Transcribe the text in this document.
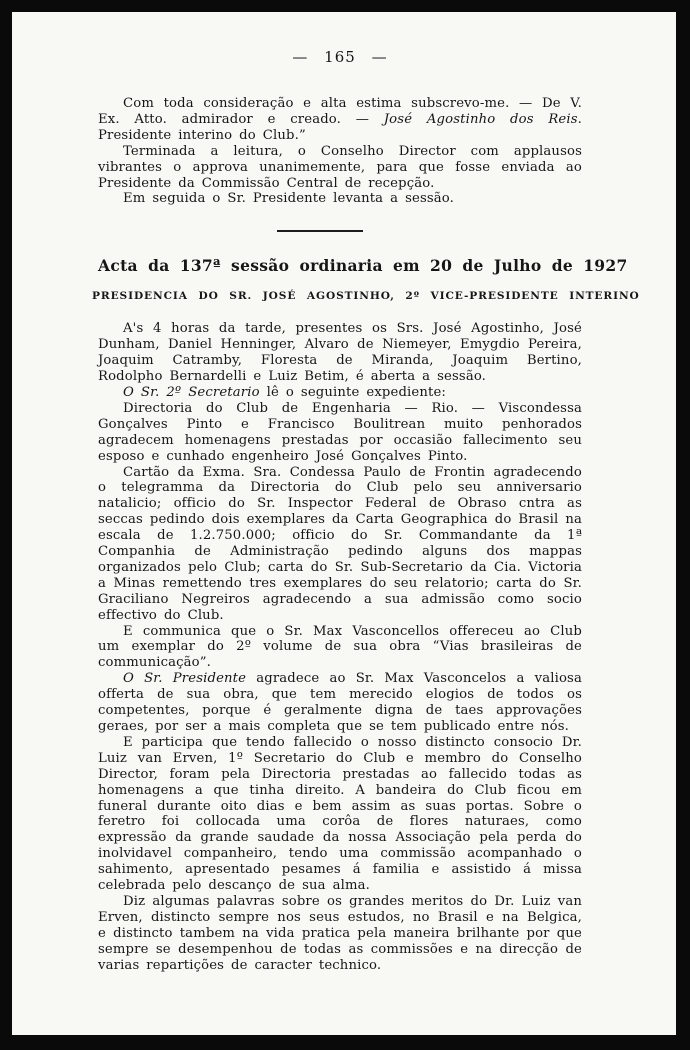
— 165 —

Com toda consideração e alta estima subscrevo-me. — De V. Ex. Atto. admirador e creado. — José Agostinho dos Reis. Presidente interino do Club.”

Terminada a leitura, o Conselho Director com applausos vibrantes o approva unanimemente, para que fosse enviada ao Presidente da Commissão Central de recepção.

Em seguida o Sr. Presidente levanta a sessão.

Acta da 137ª sessão ordinaria em 20 de Julho de 1927
PRESIDENCIA DO SR. JOSÉ AGOSTINHO, 2º VICE-PRESIDENTE INTERINO

A's 4 horas da tarde, presentes os Srs. José Agostinho, José Dunham, Daniel Henninger, Alvaro de Niemeyer, Emygdio Pereira, Joaquim Catramby, Floresta de Miranda, Joaquim Bertino, Rodolpho Bernardelli e Luiz Betim, é aberta a sessão.

O Sr. 2º Secretario lê o seguinte expediente:

Directoria do Club de Engenharia — Rio. — Viscondessa Gonçalves Pinto e Francisco Boulitrean muito penhorados agradecem homenagens prestadas por occasião fallecimento seu esposo e cunhado engenheiro José Gonçalves Pinto.

Cartão da Exma. Sra. Condessa Paulo de Frontin agradecendo o telegramma da Directoria do Club pelo seu anniversario natalicio; officio do Sr. Inspector Federal de Obraso cntra as seccas pedindo dois exemplares da Carta Geographica do Brasil na escala de 1.2.750.000; officio do Sr. Commandante da 1ª Companhia de Administração pedindo alguns dos mappas organizados pelo Club; carta do Sr. Sub-Secretario da Cia. Victoria a Minas remettendo tres exemplares do seu relatorio; carta do Sr. Graciliano Negreiros agradecendo a sua admissão como socio effectivo do Club.

E communica que o Sr. Max Vasconcellos offereceu ao Club um exemplar do 2º volume de sua obra “Vias brasileiras de communicação”.

O Sr. Presidente agradece ao Sr. Max Vasconcelos a valiosa offerta de sua obra, que tem merecido elogios de todos os competentes, porque é geralmente digna de taes approvações geraes, por ser a mais completa que se tem publicado entre nós.

E participa que tendo fallecido o nosso distincto consocio Dr. Luiz van Erven, 1º Secretario do Club e membro do Conselho Director, foram pela Directoria prestadas ao fallecido todas as homenagens a que tinha direito. A bandeira do Club ficou em funeral durante oito dias e bem assim as suas portas. Sobre o feretro foi collocada uma corôa de flores naturaes, como expressão da grande saudade da nossa Associação pela perda do inolvidavel companheiro, tendo uma commissão acompanhado o sahimento, apresentado pesames á familia e assistido á missa celebrada pelo descanço de sua alma.

Diz algumas palavras sobre os grandes meritos do Dr. Luiz van Erven, distincto sempre nos seus estudos, no Brasil e na Belgica, e distincto tambem na vida pratica pela maneira brilhante por que sempre se desempenhou de todas as commissões e na direcção de varias repartições de caracter technico.
